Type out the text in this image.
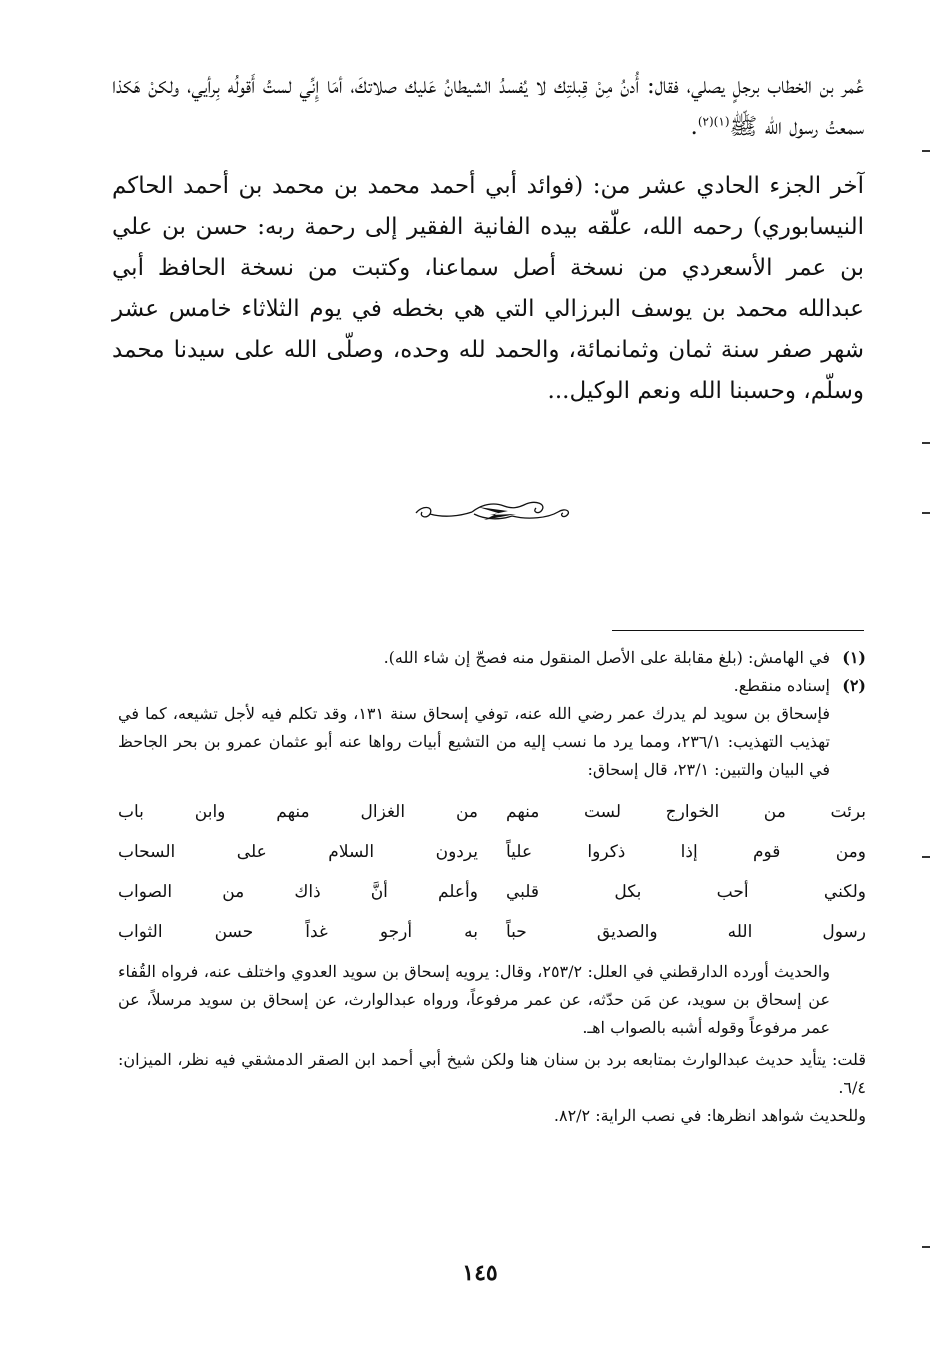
عُمر بن الخطاب برجلٍ يصلي، فقال: أُدنُ مِنْ قِبلتِك لا يُفسدُ الشيطانُ عَليك صلاتكَ، أمَا إِنِّي لستُ أَقولُه بِرأيي، ولكنْ هَكذا سمعتُ رسول الله ﷺ$^{(١)(٢)}$.

آخر الجزء الحادي عشر من: (فوائد أبي أحمد محمد بن محمد بن أحمد الحاكم النيسابوري) رحمه الله، علّقه بيده الفانية الفقير إلى رحمة ربه: حسن بن علي بن عمر الأسعردي من نسخة أصل سماعنا، وكتبت من نسخة الحافظ أبي عبدالله محمد بن يوسف البرزالي التي هي بخطه في يوم الثلاثاء خامس عشر شهر صفر سنة ثمان وثمانمائة، والحمد لله وحده، وصلّى الله على سيدنا محمد وسلّم، وحسبنا الله ونعم الوكيل...

(١)
في الهامش: (بلغ مقابلة على الأصل المنقول منه فصحّ إن شاء الله).
(٢)
إسناده منقطع.

فإسحاق بن سويد لم يدرك عمر رضي الله عنه، توفي إسحاق سنة ١٣١، وقد تكلم فيه لأجل تشيعه، كما في تهذيب التهذيب: ٢٣٦/١، ومما يرد ما نسب إليه من التشيع أبيات رواها عنه أبو عثمان عمرو بن بحر الجاحظ في البيان والتبين: ٢٣/١، قال إسحاق:

برئت من الخوارج لست منهم
من الغزال منهم وابن باب
ومن قوم إذا ذكروا علياً
يردون السلام على السحاب
ولكني أحب بكل قلبي
وأعلم أنَّ ذاك من الصواب
رسول الله والصديق حباً
به أرجو غداً حسن الثواب

والحديث أورده الدارقطني في العلل: ٢٥٣/٢، وقال: يرويه إسحاق بن سويد العدوي واختلف عنه، فرواه القُفاء عن إسحاق بن سويد، عن مَن حدّثه، عن عمر مرفوعاً، ورواه عبدالوارث، عن إسحاق بن سويد مرسلاً، عن عمر مرفوعاً وقوله أشبه بالصواب اهـ.

قلت: يتأيد حديث عبدالوارث بمتابعه برد بن سنان هنا ولكن شيخ أبي أحمد ابن الصقر الدمشقي فيه نظر، الميزان: ٦/٤.

وللحديث شواهد انظرها: في نصب الراية: ٨٢/٢.

١٤٥
